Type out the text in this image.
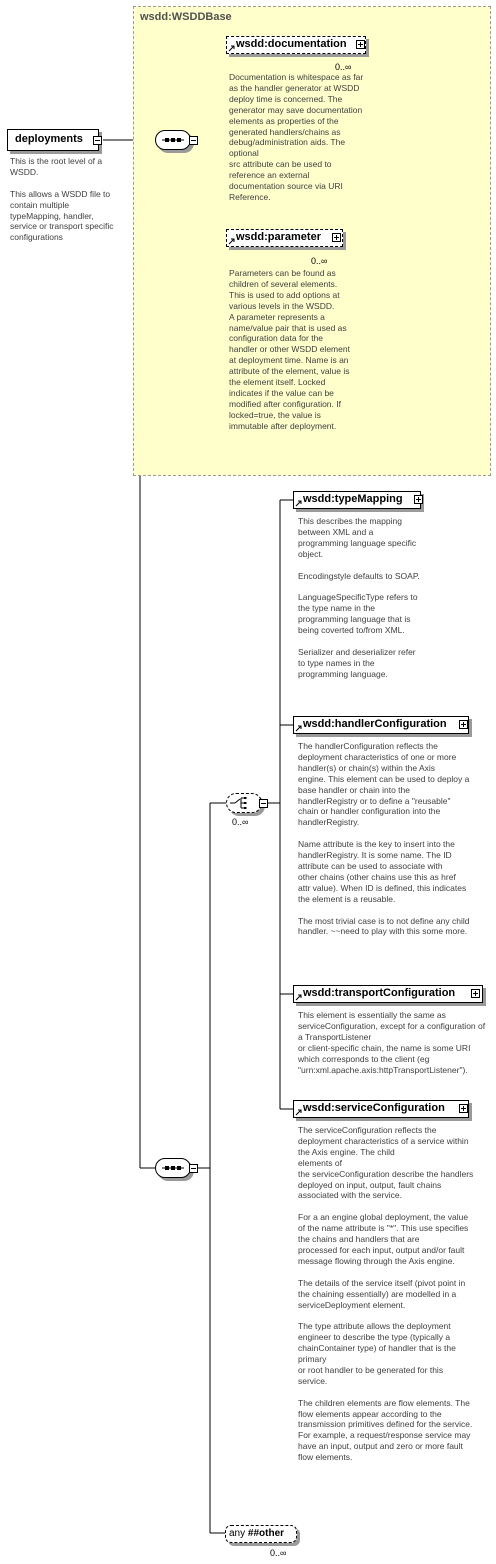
wsdd:WSDDBase
deployments
This is the root level of a WSDD.

This allows a WSDD file to contain multiple typeMapping, handler, service or transport specific configurations
wsdd:documentation
0..∞
Documentation is whitespace as far as the handler generator at WSDD deploy time is concerned. The generator may save documentation elements as properties of the generated handlers/chains as debug/administration aids. The optional
src attribute can be used to reference an external documentation source via URI Reference.
wsdd:parameter
0..∞
Parameters can be found as children of several elements. This is used to add options at various levels in the WSDD.
A parameter represents a name/value pair that is used as configuration data for the handler or other WSDD element at deployment time. Name is an attribute of the element, value is the element itself. Locked indicates if the value can be modified after configuration. If locked=true, the value is immutable after deployment.
0..∞
wsdd:typeMapping
This describes the mapping between XML and a programming language specific object.

Encodingstyle defaults to SOAP.

LanguageSpecificType refers to the type name in the programming language that is being coverted to/from XML.

Serializer and deserializer refer to type names in the programming language.
wsdd:handlerConfiguration
The handlerConfiguration reflects the deployment characteristics of one or more handler(s) or chain(s) within the Axis
engine. This element can be used to deploy a base handler or chain into the handlerRegistry or to define a "reusable" chain or handler configuration into the handlerRegistry.

Name attribute is the key to insert into the handlerRegistry. It is some name. The ID attribute can be used to associate with
other chains (other chains use this as href attr value). When ID is defined, this indicates the element is a reusable.

The most trivial case is to not define any child handler. ~~need to play with this some more.
wsdd:transportConfiguration
This element is essentially the same as serviceConfiguration, except for a configuration of a TransportListener
or client-specific chain, the name is some URI which corresponds to the client (eg "urn:xml.apache.axis:httpTransportListener").
wsdd:serviceConfiguration
The serviceConfiguration reflects the deployment characteristics of a service within the Axis engine. The child
elements of
the serviceConfiguration describe the handlers deployed on input, output, fault chains associated with the service.

For a an engine global deployment, the value of the name attribute is "*". This use specifies the chains and handlers that are
processed for each input, output and/or fault message flowing through the Axis engine.

The details of the service itself (pivot point in the chaining essentially) are modelled in a serviceDeployment element.

The type attribute allows the deployment engineer to describe the type (typically a chainContainer type) of handler that is the primary
or root handler to be generated for this service.

The children elements are flow elements. The flow elements appear according to the transmission primitives defined for the service.
For example, a request/response service may have an input, output and zero or more fault flow elements.
any ##other
0..∞
